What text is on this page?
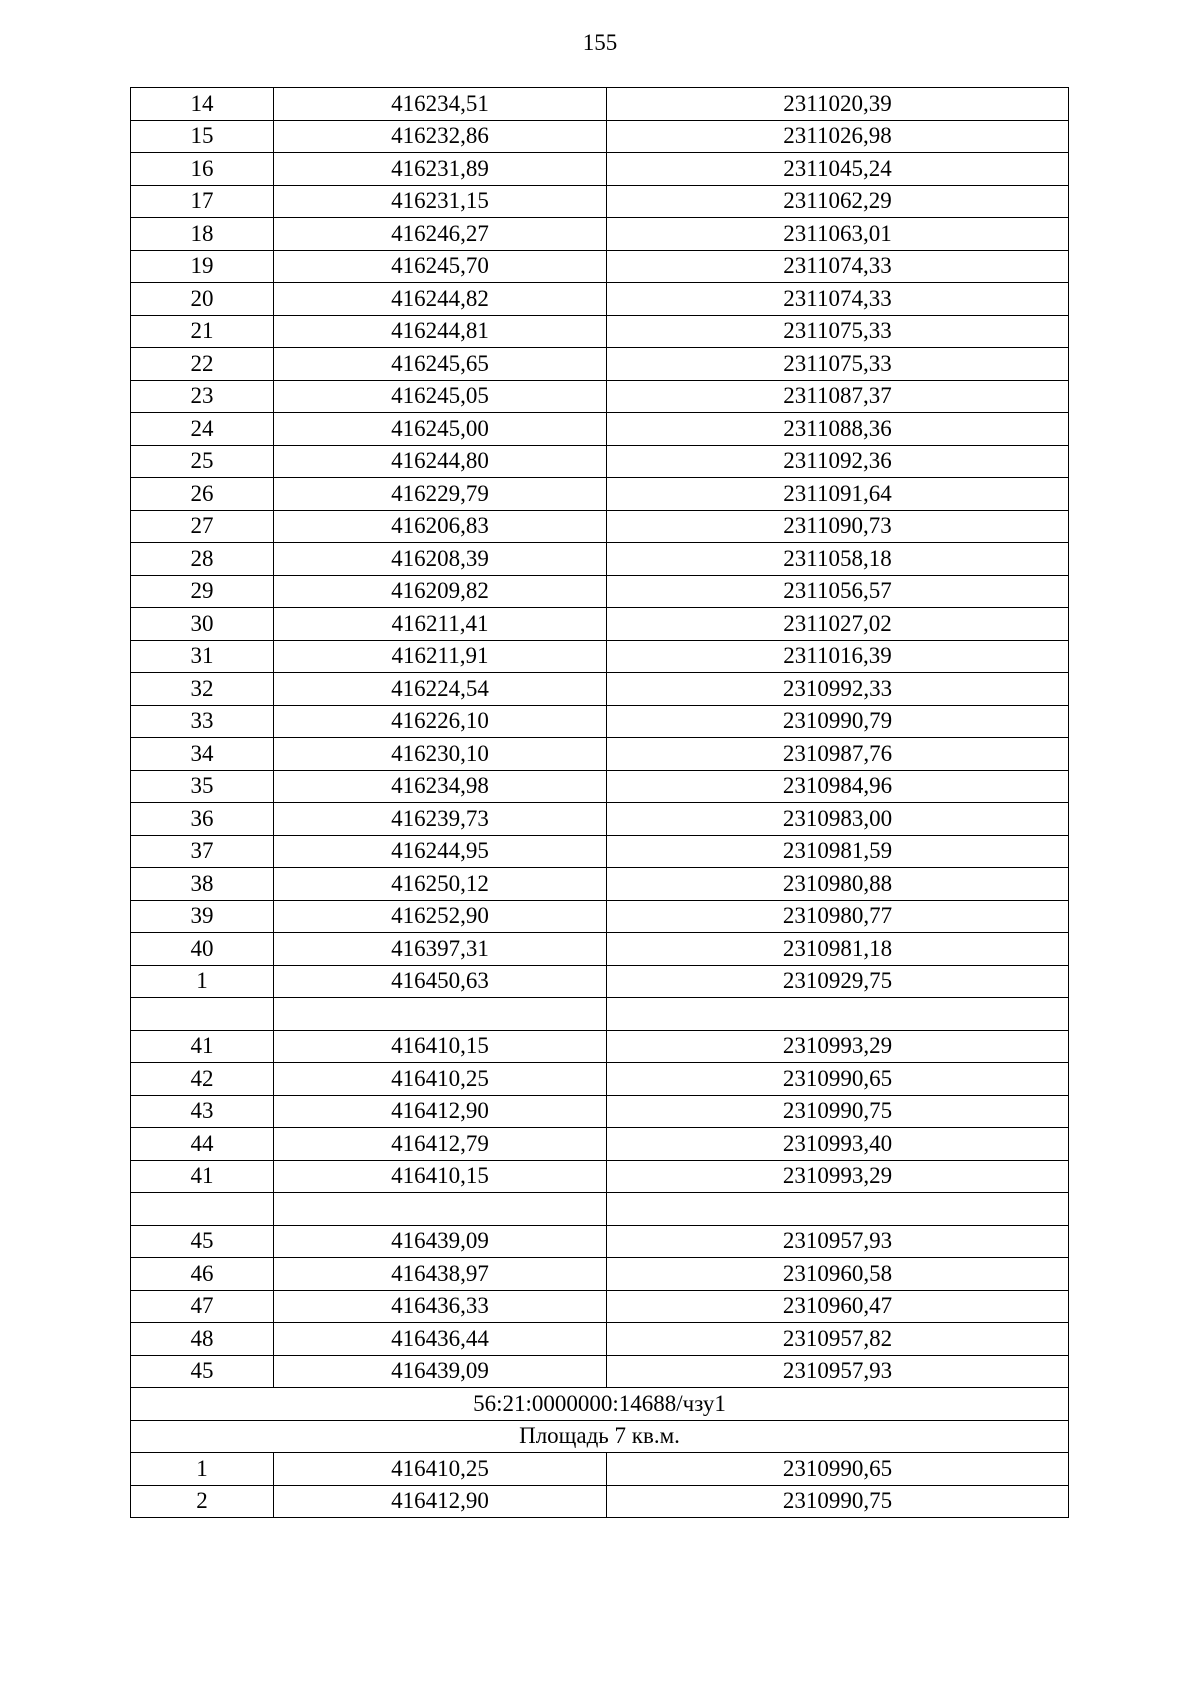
155
14	416234,51	2311020,39
15	416232,86	2311026,98
16	416231,89	2311045,24
17	416231,15	2311062,29
18	416246,27	2311063,01
19	416245,70	2311074,33
20	416244,82	2311074,33
21	416244,81	2311075,33
22	416245,65	2311075,33
23	416245,05	2311087,37
24	416245,00	2311088,36
25	416244,80	2311092,36
26	416229,79	2311091,64
27	416206,83	2311090,73
28	416208,39	2311058,18
29	416209,82	2311056,57
30	416211,41	2311027,02
31	416211,91	2311016,39
32	416224,54	2310992,33
33	416226,10	2310990,79
34	416230,10	2310987,76
35	416234,98	2310984,96
36	416239,73	2310983,00
37	416244,95	2310981,59
38	416250,12	2310980,88
39	416252,90	2310980,77
40	416397,31	2310981,18
1	416450,63	2310929,75

41	416410,15	2310993,29
42	416410,25	2310990,65
43	416412,90	2310990,75
44	416412,79	2310993,40
41	416410,15	2310993,29

45	416439,09	2310957,93
46	416438,97	2310960,58
47	416436,33	2310960,47
48	416436,44	2310957,82
45	416439,09	2310957,93
56:21:0000000:14688/чзу1		
Площадь 7 кв.м.		
1	416410,25	2310990,65
2	416412,90	2310990,75
